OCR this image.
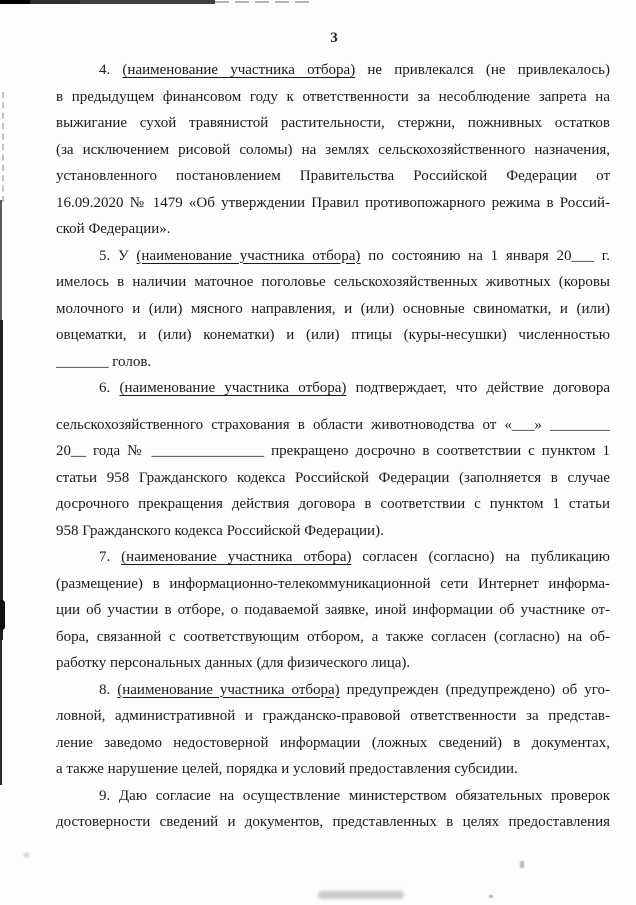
3
4. (наименование участника отбора) не привлекался (не привлекалось)
в предыдущем финансовом году к ответственности за несоблюдение запрета на
выжигание сухой травянистой растительности, стержни, пожнивных остатков
(за исключением рисовой соломы) на землях сельскохозяйственного назначения,
установленного постановлением Правительства Российской Федерации от
16.09.2020 № 1479 «Об утверждении Правил противопожарного режима в Россий-
ской Федерации».
5. У (наименование участника отбора) по состоянию на 1 января 20___ г.
имелось в наличии маточное поголовье сельскохозяйственных животных (коровы
молочного и (или) мясного направления, и (или) основные свиноматки, и (или)
овцематки, и (или) конематки) и (или) птицы (куры-несушки) численностью
_______ голов.
6. (наименование участника отбора) подтверждает, что действие договора
сельскохозяйственного страхования в области животноводства от «___» ________
20__ года № _______________ прекращено досрочно в соответствии с пунктом 1
статьи 958 Гражданского кодекса Российской Федерации (заполняется в случае
досрочного прекращения действия договора в соответствии с пунктом 1 статьи
958 Гражданского кодекса Российской Федерации).
7. (наименование участника отбора) согласен (согласно) на публикацию
(размещение) в информационно-телекоммуникационной сети Интернет информа-
ции об участии в отборе, о подаваемой заявке, иной информации об участнике от-
бора, связанной с соответствующим отбором, а также согласен (согласно) на об-
работку персональных данных (для физического лица).
8. (наименование участника отбора) предупрежден (предупреждено) об уго-
ловной, административной и гражданско-правовой ответственности за представ-
ление заведомо недостоверной информации (ложных сведений) в документах,
а также нарушение целей, порядка и условий предоставления субсидии.
9. Даю согласие на осуществление министерством обязательных проверок
достоверности сведений и документов, представленных в целях предоставления
